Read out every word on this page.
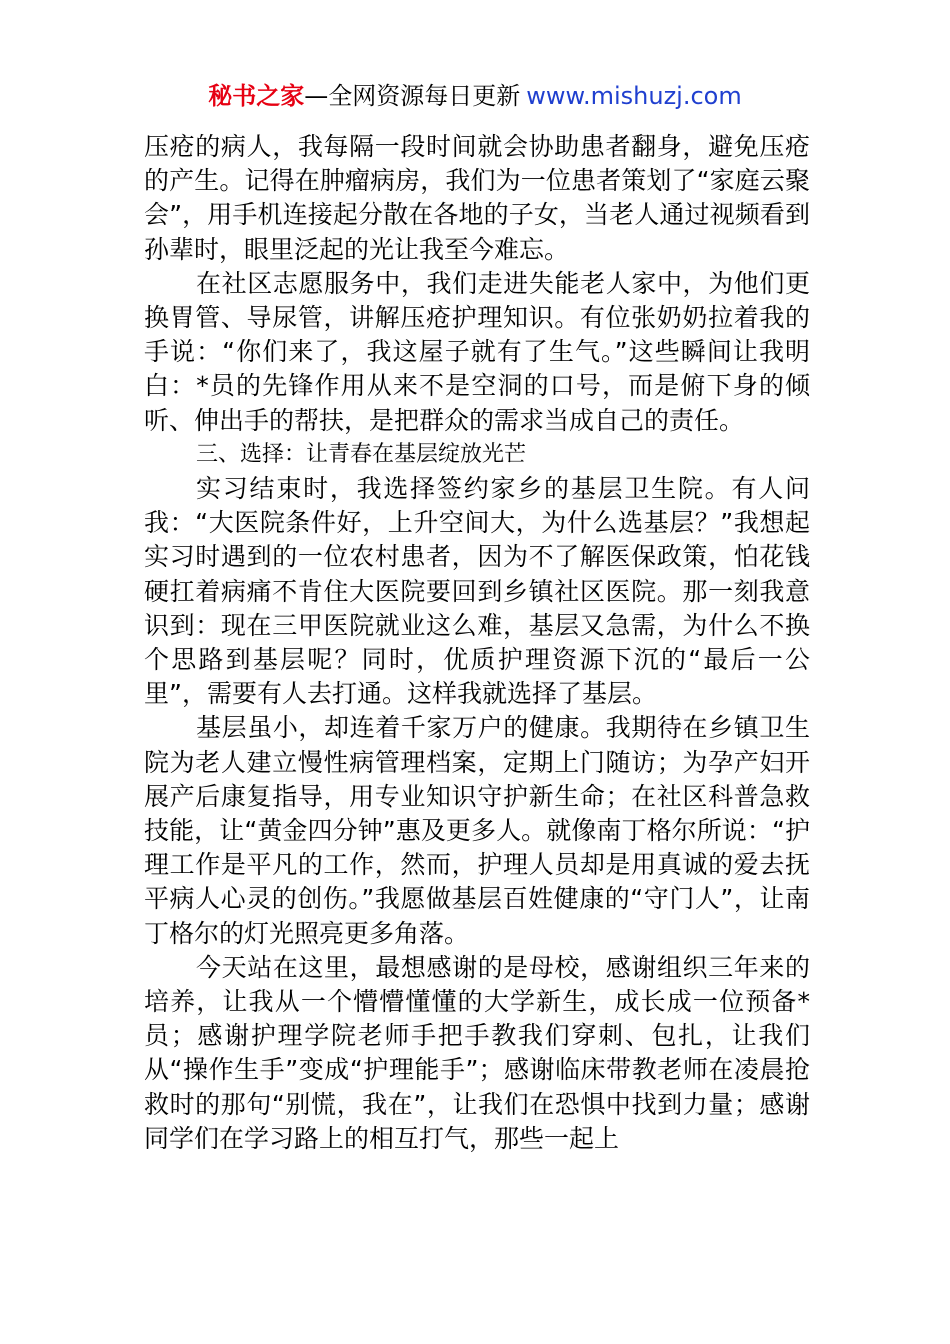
秘书之家—全网资源每日更新 www.mishuzj.com

压疮的病人，我每隔一段时间就会协助患者翻身，避免压疮的产生。记得在肿瘤病房，我们为一位患者策划了“家庭云聚会”，用手机连接起分散在各地的子女，当老人通过视频看到孙辈时，眼里泛起的光让我至今难忘。

在社区志愿服务中，我们走进失能老人家中，为他们更换胃管、导尿管，讲解压疮护理知识。有位张奶奶拉着我的手说：“你们来了，我这屋子就有了生气。”这些瞬间让我明白：*员的先锋作用从来不是空洞的口号，而是俯下身的倾听、伸出手的帮扶，是把群众的需求当成自己的责任。

三、选择：让青春在基层绽放光芒

实习结束时，我选择签约家乡的基层卫生院。有人问我：“大医院条件好，上升空间大，为什么选基层？”我想起实习时遇到的一位农村患者，因为不了解医保政策，怕花钱硬扛着病痛不肯住大医院要回到乡镇社区医院。那一刻我意识到：现在三甲医院就业这么难，基层又急需，为什么不换个思路到基层呢？同时，优质护理资源下沉的“最后一公里”，需要有人去打通。这样我就选择了基层。

基层虽小，却连着千家万户的健康。我期待在乡镇卫生院为老人建立慢性病管理档案，定期上门随访；为孕产妇开展产后康复指导，用专业知识守护新生命；在社区科普急救技能，让“黄金四分钟”惠及更多人。就像南丁格尔所说：“护理工作是平凡的工作，然而，护理人员却是用真诚的爱去抚平病人心灵的创伤。”我愿做基层百姓健康的“守门人”，让南丁格尔的灯光照亮更多角落。

今天站在这里，最想感谢的是母校，感谢组织三年来的培养，让我从一个懵懵懂懂的大学新生，成长成一位预备*员；感谢护理学院老师手把手教我们穿刺、包扎，让我们从“操作生手”变成“护理能手”；感谢临床带教老师在凌晨抢救时的那句“别慌，我在”，让我们在恐惧中找到力量；感谢同学们在学习路上的相互打气，那些一起上
